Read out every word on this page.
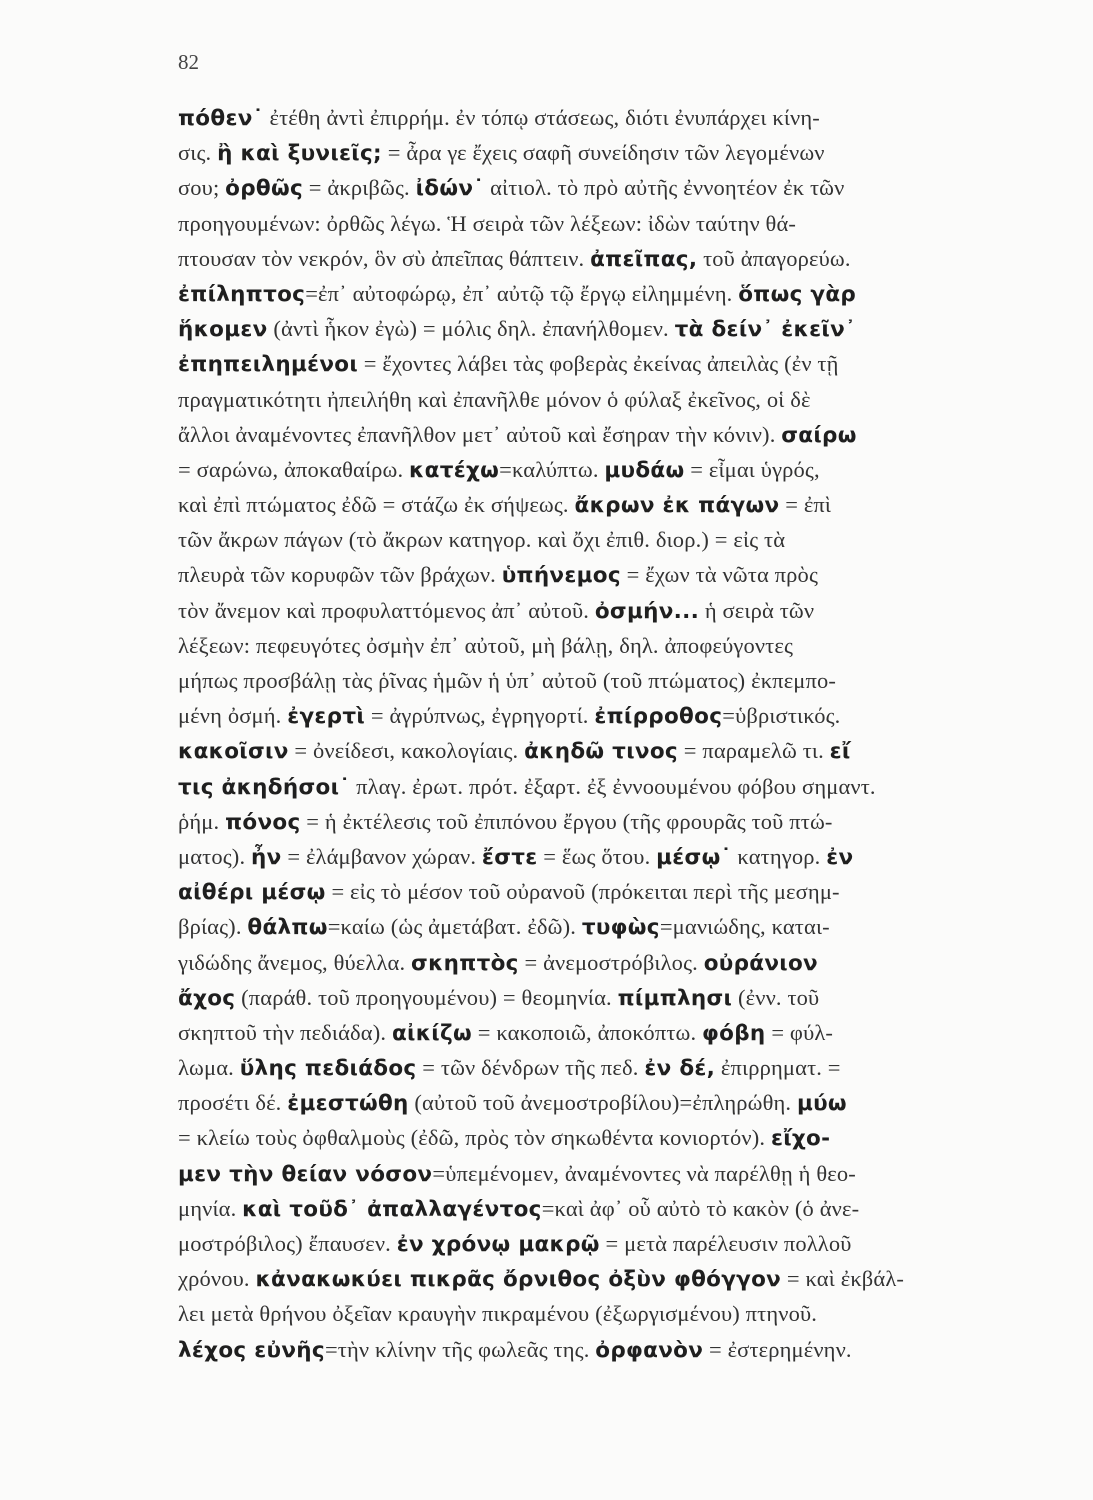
82
πόθεν˙ ἐτέθη ἀντὶ ἐπιρρήμ. ἐν τόπῳ στάσεως, διότι ἐνυπάρχει κίνη-
σις. ἢ καὶ ξυνιεῖς; = ἆρα γε ἔχεις σαφῆ συνείδησιν τῶν λεγομένων
σου; ὀρθῶς = ἀκριβῶς. ἰδών˙ αἰτιολ. τὸ πρὸ αὐτῆς ἐννοητέον ἐκ τῶν
προηγουμένων: ὀρθῶς λέγω. Ἡ σειρὰ τῶν λέξεων: ἰδὼν ταύτην θά-
πτουσαν τὸν νεκρόν, ὃν σὺ ἀπεῖπας θάπτειν. ἀπεῖπας, τοῦ ἀπαγορεύω.
ἐπίληπτος=ἐπ᾽ αὐτοφώρῳ, ἐπ᾽ αὐτῷ τῷ ἔργῳ εἰλημμένη. ὅπως γὰρ
ἥκομεν (ἀντὶ ἧκον ἐγὼ) = μόλις δηλ. ἐπανήλθομεν. τὰ δείν᾽ ἐκεῖν᾽
ἐπηπειλημένοι = ἔχοντες λάβει τὰς φοβερὰς ἐκείνας ἀπειλὰς (ἐν τῇ
πραγματικότητι ἠπειλήθη καὶ ἐπανῆλθε μόνον ὁ φύλαξ ἐκεῖνος, οἱ δὲ
ἄλλοι ἀναμένοντες ἐπανῆλθον μετ᾽ αὐτοῦ καὶ ἔσηραν τὴν κόνιν). σαίρω
= σαρώνω, ἀποκαθαίρω. κατέχω=καλύπτω. μυδάω = εἶμαι ὑγρός,
καὶ ἐπὶ πτώματος ἐδῶ = στάζω ἐκ σήψεως. ἄκρων ἐκ πάγων = ἐπὶ
τῶν ἄκρων πάγων (τὸ ἄκρων κατηγορ. καὶ ὄχι ἐπιθ. διορ.) = εἰς τὰ
πλευρὰ τῶν κορυφῶν τῶν βράχων. ὑπήνεμος = ἔχων τὰ νῶτα πρὸς
τὸν ἄνεμον καὶ προφυλαττόμενος ἀπ᾽ αὐτοῦ. ὀσμήν... ἡ σειρὰ τῶν
λέξεων: πεφευγότες ὀσμὴν ἐπ᾽ αὐτοῦ, μὴ βάλῃ, δηλ. ἀποφεύγοντες
μήπως προσβάλῃ τὰς ῥῖνας ἡμῶν ἡ ὑπ᾽ αὐτοῦ (τοῦ πτώματος) ἐκπεμπο-
μένη ὀσμή. ἐγερτὶ = ἀγρύπνως, ἐγρηγορτί. ἐπίρροθος=ὑβριστικός.
κακοῖσιν = ὀνείδεσι, κακολογίαις. ἀκηδῶ τινος = παραμελῶ τι. εἴ
τις ἀκηδήσοι˙ πλαγ. ἐρωτ. πρότ. ἐξαρτ. ἐξ ἐννοουμένου φόβου σημαντ.
ῥήμ. πόνος = ἡ ἐκτέλεσις τοῦ ἐπιπόνου ἔργου (τῆς φρουρᾶς τοῦ πτώ-
ματος). ἦν = ἐλάμβανον χώραν. ἔστε = ἕως ὅτου. μέσῳ˙ κατηγορ. ἐν
αἰθέρι μέσῳ = εἰς τὸ μέσον τοῦ οὐρανοῦ (πρόκειται περὶ τῆς μεσημ-
βρίας). θάλπω=καίω (ὡς ἀμετάβατ. ἐδῶ). τυφὼς=μανιώδης, καται-
γιδώδης ἄνεμος, θύελλα. σκηπτὸς = ἀνεμοστρόβιλος. οὐράνιον
ἄχος (παράθ. τοῦ προηγουμένου) = θεομηνία. πίμπλησι (ἐνν. τοῦ
σκηπτοῦ τὴν πεδιάδα). αἰκίζω = κακοποιῶ, ἀποκόπτω. φόβη = φύλ-
λωμα. ὕλης πεδιάδος = τῶν δένδρων τῆς πεδ. ἐν δέ, ἐπιρρηματ. =
προσέτι δέ. ἐμεστώθη (αὐτοῦ τοῦ ἀνεμοστροβίλου)=ἐπληρώθη. μύω
= κλείω τοὺς ὀφθαλμοὺς (ἐδῶ, πρὸς τὸν σηκωθέντα κονιορτόν). εἴχο-
μεν τὴν θείαν νόσον=ὑπεμένομεν, ἀναμένοντες νὰ παρέλθῃ ἡ θεο-
μηνία. καὶ τοῦδ᾽ ἀπαλλαγέντος=καὶ ἀφ᾽ οὗ αὐτὸ τὸ κακὸν (ὁ ἀνε-
μοστρόβιλος) ἔπαυσεν. ἐν χρόνῳ μακρῷ = μετὰ παρέλευσιν πολλοῦ
χρόνου. κἀνακωκύει πικρᾶς ὄρνιθος ὀξὺν φθόγγον = καὶ ἐκβάλ-
λει μετὰ θρήνου ὀξεῖαν κραυγὴν πικραμένου (ἐξωργισμένου) πτηνοῦ.
λέχος εὐνῆς=τὴν κλίνην τῆς φωλεᾶς της. ὀρφανὸν = ἐστερημένην.
